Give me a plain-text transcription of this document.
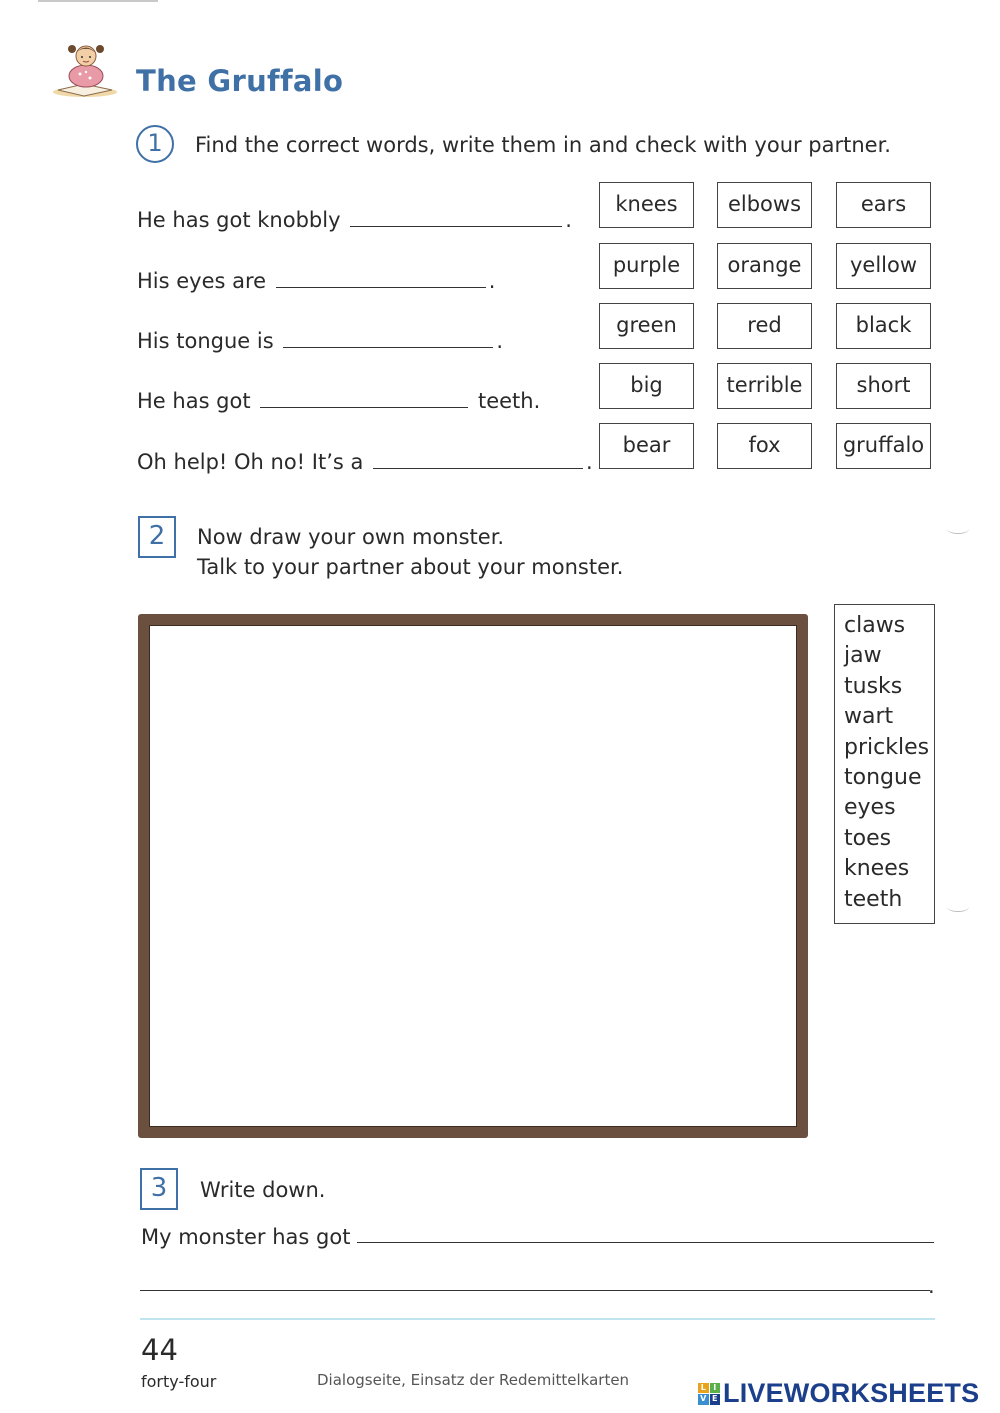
The Gruffalo
1	Find the correct words, write them in and check with your partner.
He has got knobbly	.
His eyes are	.
His tongue is	.
He has got	teeth.
Oh help! Oh no! It’s a	.
knees	elbows	ears
purple	orange	yellow
green	red	black
big	terrible	short
bear	fox	gruffalo
2	Now draw your own monster.
Talk to your partner about your monster.
claws
jaw
tusks
wart
prickles
tongue
eyes
toes
knees
teeth
3	Write down.
My monster has got
.
44
forty-four	Dialogseite, Einsatz der Redemittelkarten	L I
V E LIVEWORKSHEETS
